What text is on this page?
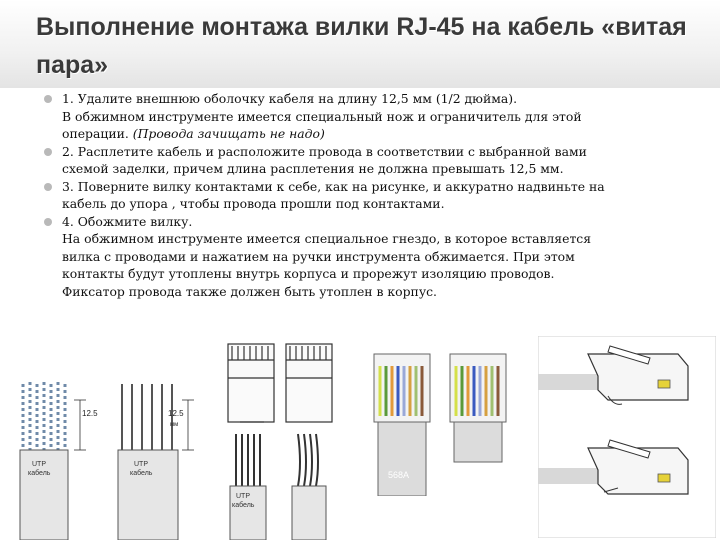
Выполнение монтажа вилки RJ-45 на кабель «витая пара»
1. Удалите внешнюю оболочку кабеля на длину 12,5 мм (1/2 дюйма).
В обжимном инструменте имеется специальный нож и ограничитель для этой
операции. (Провода зачищать не надо)
2. Расплетите кабель и расположите провода в соответствии с выбранной вами
схемой заделки, причем длина расплетения не должна превышать 12,5 мм.
3. Поверните вилку контактами к себе, как на рисунке, и аккуратно надвиньте на
кабель до упора , чтобы провода прошли под контактами.
4. Обожмите вилку.
На обжимном инструменте имеется специальное гнездо, в которое вставляется
вилка с проводами и нажатием на ручки инструмента обжимается. При этом
контакты будут утоплены внутрь корпуса и прорежут изоляцию проводов.
Фиксатор провода также должен быть утоплен в корпус.
12.5
UTP
кабель
12.5
мм
UTP
кабель
UTP
кабель
568A
